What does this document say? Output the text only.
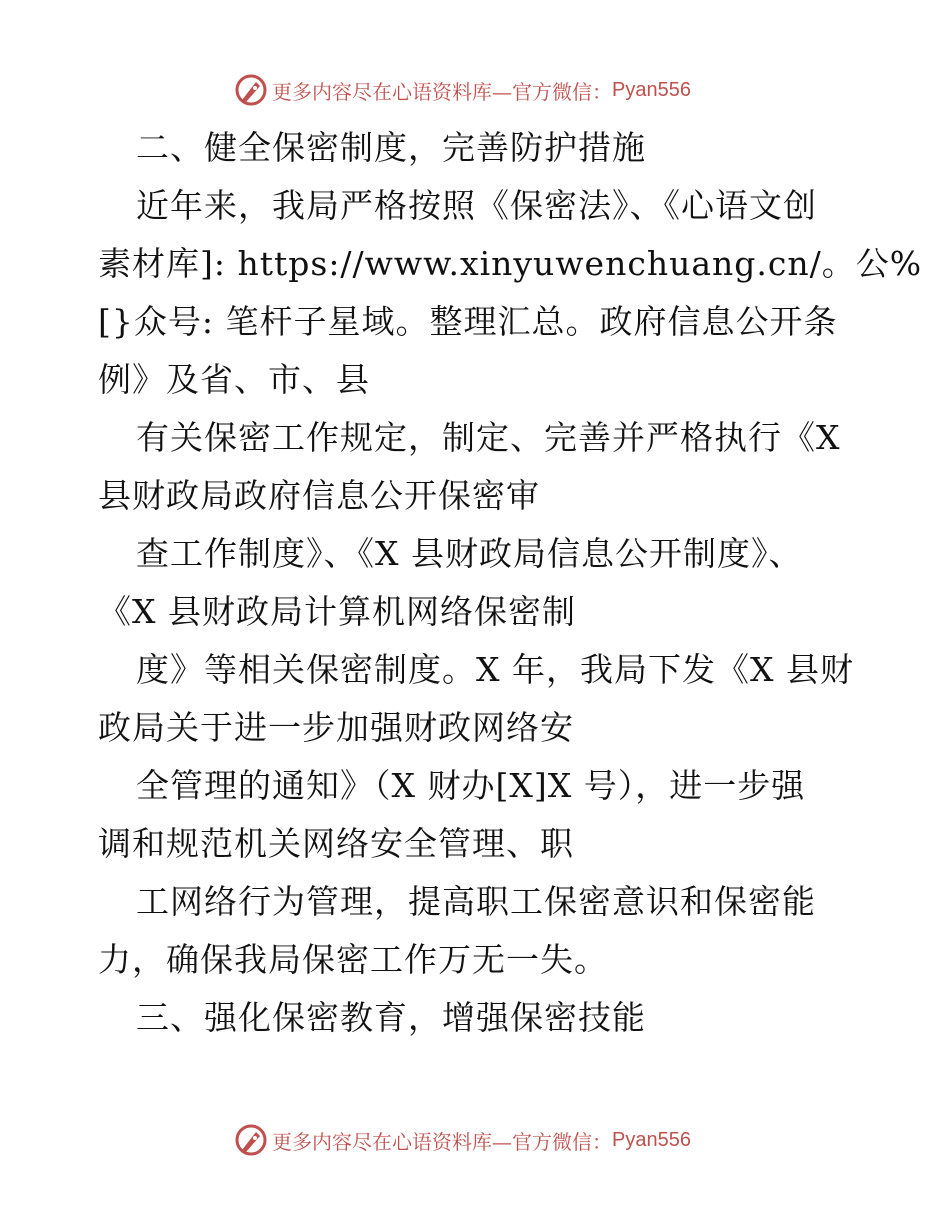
更多内容尽在心语资料库—官方微信： Pyan556
二、健全保密制度，完善防护措施
近年来，我局严格按照《保密法》、《心语文创
素材库]: https://www.xinyuwenchuang.cn/。公%
[}众号: 笔杆子星域。整理汇总。政府信息公开条
例》及省、市、县
有关保密工作规定，制定、完善并严格执行《X
县财政局政府信息公开保密审
查工作制度》、《X 县财政局信息公开制度》、
《X 县财政局计算机网络保密制
度》等相关保密制度。X 年，我局下发《X 县财
政局关于进一步加强财政网络安
全管理的通知》（X 财办[X]X 号），进一步强
调和规范机关网络安全管理、职
工网络行为管理，提高职工保密意识和保密能
力，确保我局保密工作万无一失。
三、强化保密教育，增强保密技能
更多内容尽在心语资料库—官方微信： Pyan556
